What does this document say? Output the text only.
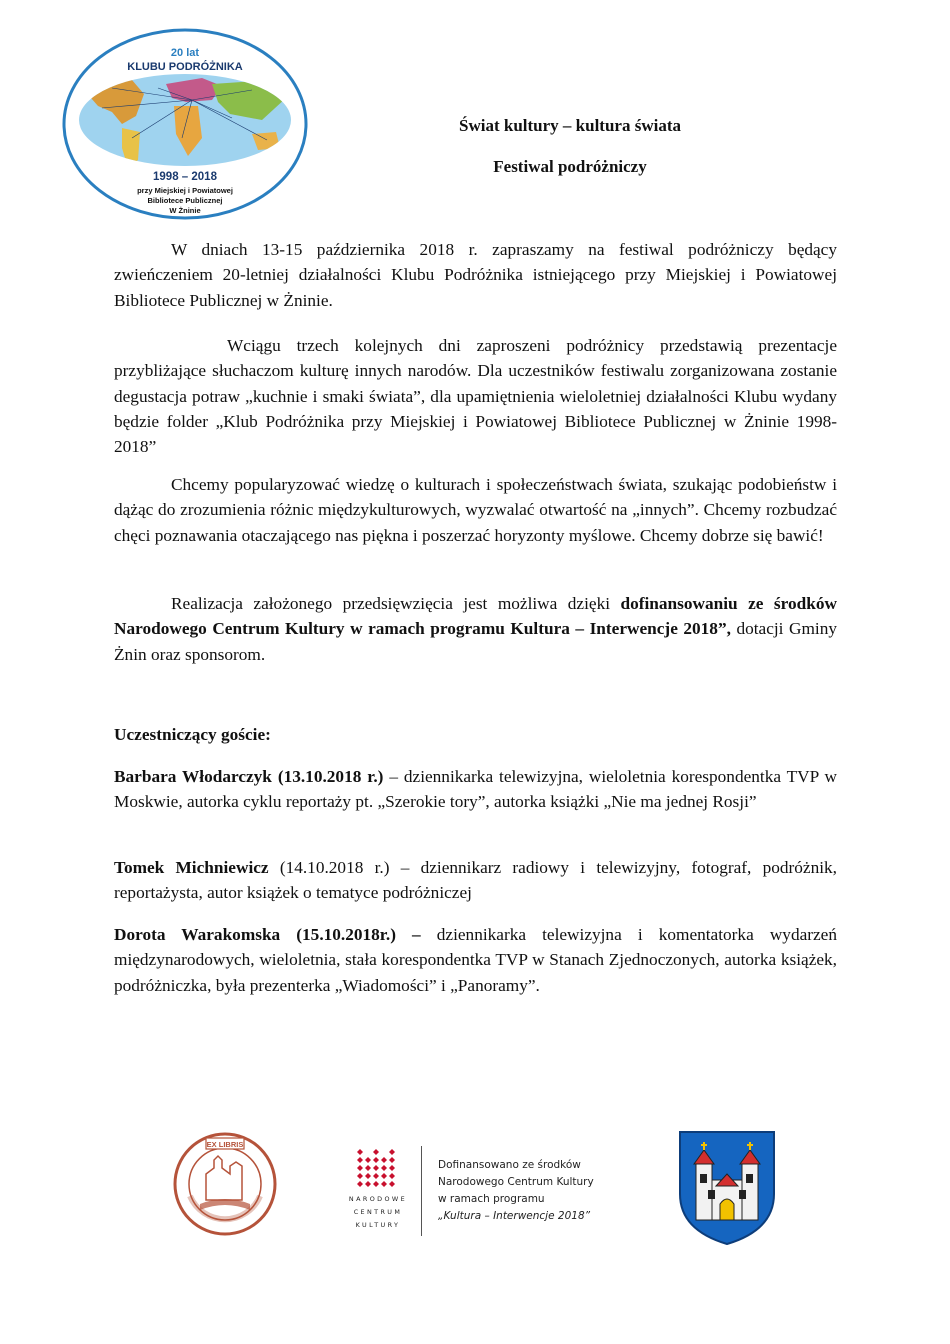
20 lat
KLUBU PODRÓŻNIKA
1998 – 2018
przy Miejskiej i Powiatowej
Bibliotece Publicznej
W Żninie
Świat kultury – kultura świata
Festiwal podróżniczy

W dniach 13-15 października 2018 r. zapraszamy na festiwal podróżniczy będący zwieńczeniem 20-letniej działalności Klubu Podróżnika istniejącego przy Miejskiej i Powiatowej Bibliotece Publicznej w Żninie.

Wciągu trzech kolejnych dni zaproszeni podróżnicy przedstawią prezentacje przybliżające słuchaczom kulturę innych narodów. Dla uczestników festiwalu zorganizowana zostanie degustacja potraw „kuchnie i smaki świata”, dla upamiętnienia wieloletniej działalności Klubu wydany będzie folder „Klub Podróżnika przy Miejskiej i Powiatowej Bibliotece Publicznej w Żninie 1998-2018”

Chcemy popularyzować wiedzę o kulturach i społeczeństwach świata, szukając podobieństw i dążąc do zrozumienia różnic międzykulturowych, wyzwalać otwartość na „innych”. Chcemy rozbudzać chęci poznawania otaczającego nas piękna i poszerzać horyzonty myślowe. Chcemy dobrze się bawić!

Realizacja założonego przedsięwzięcia jest możliwa dzięki dofinansowaniu ze środków Narodowego Centrum Kultury w ramach programu Kultura – Interwencje 2018”, dotacji Gminy Żnin oraz sponsorom.

Uczestniczący goście:

Barbara Włodarczyk (13.10.2018 r.) – dziennikarka telewizyjna, wieloletnia korespondentka TVP w Moskwie, autorka cyklu reportaży pt. „Szerokie tory”, autorka książki „Nie ma jednej Rosji”

Tomek Michniewicz (14.10.2018 r.) – dziennikarz radiowy i telewizyjny, fotograf, podróżnik, reportażysta, autor książek o tematyce podróżniczej

Dorota Warakomska (15.10.2018r.) – dziennikarka telewizyjna i komentatorka wydarzeń międzynarodowych, wieloletnia, stała korespondentka TVP w Stanach Zjednoczonych, autorka książek, podróżniczka, była prezenterka „Wiadomości” i „Panoramy”.

EX LIBRIS
NARODOWE
CENTRUM
KULTURY
Dofinansowano ze środków
Narodowego Centrum Kultury
w ramach programu
„Kultura – Interwencje 2018”
